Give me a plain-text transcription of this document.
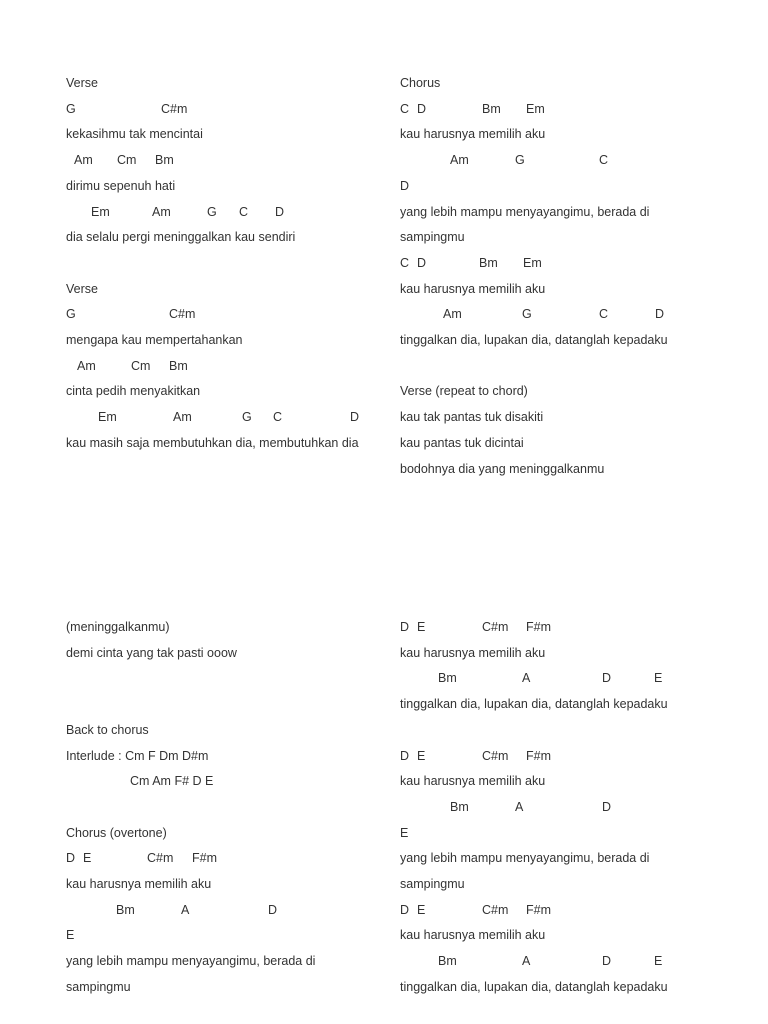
Verse
G	C#m
kekasihmu tak mencintai
Am Cm Bm
dirimu sepenuh hati
Em	Am	G C D
dia selalu pergi meninggalkan kau sendiri
Verse
G	C#m
mengapa kau mempertahankan
Am	Cm Bm
cinta pedih menyakitkan
Em	Am	G C	D
kau masih saja membutuhkan dia, membutuhkan dia
Chorus
C D	Bm Em
kau harusnya memilih aku
Am	G	C
D
yang lebih mampu menyayangimu, berada di
sampingmu
C D	Bm Em
kau harusnya memilih aku
Am	G	C	D
tinggalkan dia, lupakan dia, datanglah kepadaku
Verse (repeat to chord)
kau tak pantas tuk disakiti
kau pantas tuk dicintai
bodohnya dia yang meninggalkanmu
(meninggalkanmu)
demi cinta yang tak pasti ooow
Back to chorus
Interlude : Cm F Dm D#m
Cm Am F# D E
Chorus (overtone)
D E	C#m F#m
kau harusnya memilih aku
Bm	A	D
E
yang lebih mampu menyayangimu, berada di
sampingmu
D E	C#m F#m
kau harusnya memilih aku
Bm	A	D	E
tinggalkan dia, lupakan dia, datanglah kepadaku
D E	C#m F#m
kau harusnya memilih aku
Bm	A	D
E
yang lebih mampu menyayangimu, berada di
sampingmu
D E	C#m F#m
kau harusnya memilih aku
Bm	A	D	E
tinggalkan dia, lupakan dia, datanglah kepadaku
